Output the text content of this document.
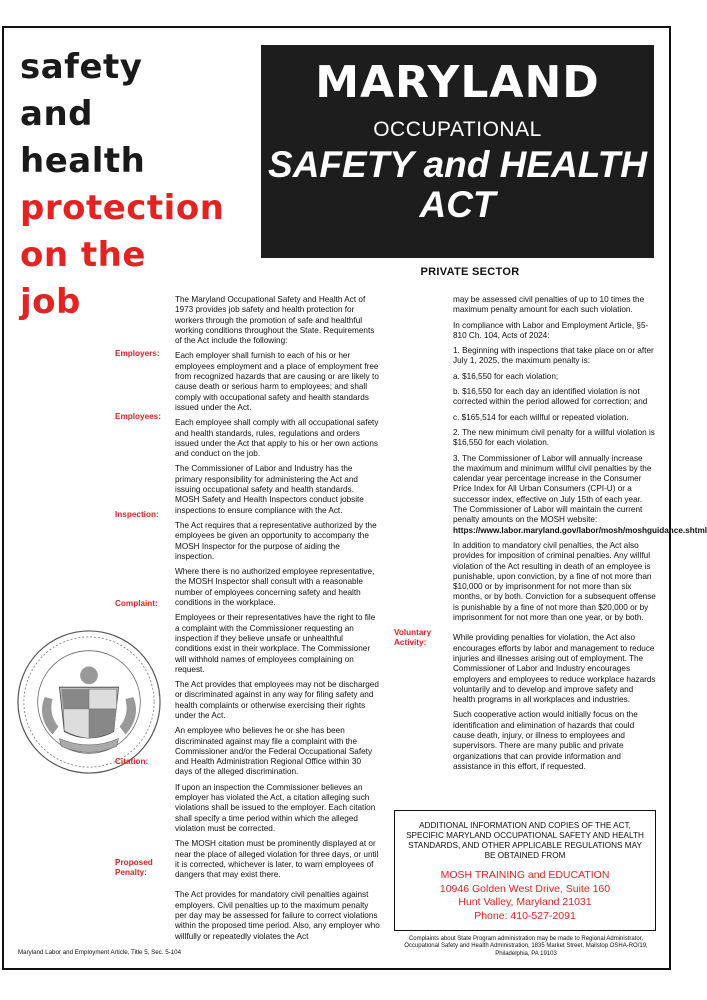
safety
and
health
protection
on the
job
MARYLAND
OCCUPATIONAL
SAFETY and HEALTH
ACT
PRIVATE SECTOR
Employers:
Employees:
Inspection:
Complaint:
Citation:
Proposed Penalty:
Voluntary Activity:

The Maryland Occupational Safety and Health Act of 1973 provides job safety and health protection for workers through the promotion of safe and healthful working conditions throughout the State. Requirements of the Act include the following:

Each employer shall furnish to each of his or her employees employment and a place of employment free from recognized hazards that are causing or are likely to cause death or serious harm to employees; and shall comply with occupational safety and health standards issued under the Act.

Each employee shall comply with all occupational safety and health standards, rules, regulations and orders issued under the Act that apply to his or her own actions and conduct on the job.

The Commissioner of Labor and Industry has the primary responsibility for administering the Act and issuing occupational safety and health standards. MOSH Safety and Health Inspectors conduct jobsite inspections to ensure compliance with the Act.

The Act requires that a representative authorized by the employees be given an opportunity to accompany the MOSH Inspector for the purpose of aiding the inspection.

Where there is no authorized employee representative, the MOSH Inspector shall consult with a reasonable number of employees concerning safety and health conditions in the workplace.

Employees or their representatives have the right to file a complaint with the Commissioner requesting an inspection if they believe unsafe or unhealthful conditions exist in their workplace. The Commissioner will withhold names of employees complaining on request.

The Act provides that employees may not be discharged or discriminated against in any way for filing safety and health complaints or otherwise exercising their rights under the Act.

An employee who believes he or she has been discriminated against may file a complaint with the Commissioner and/or the Federal Occupational Safety and Health Administration Regional Office within 30 days of the alleged discrimination.

If upon an inspection the Commissioner believes an employer has violated the Act, a citation alleging such violations shall be issued to the employer. Each citation shall specify a time period within which the alleged violation must be corrected.

The MOSH citation must be prominently displayed at or near the place of alleged violation for three days, or until it is corrected, whichever is later, to warn employees of dangers that may exist there.

The Act provides for mandatory civil penalties against employers. Civil penalties up to the maximum penalty per day may be assessed for failure to correct violations within the proposed time period. Also, any employer who willfully or repeatedly violates the Act

may be assessed civil penalties of up to 10 times the maximum penalty amount for each such violation.

In compliance with Labor and Employment Article, §5-810 Ch. 104, Acts of 2024:

1. Beginning with inspections that take place on or after July 1, 2025, the maximum penalty is:

a. $16,550 for each violation;

b. $16,550 for each day an identified violation is not corrected within the period allowed for correction; and

c. $165,514 for each willful or repeated violation.

2. The new minimum civil penalty for a willful violation is $16,550 for each violation.

3. The Commissioner of Labor will annually increase the maximum and minimum willful civil penalties by the calendar year percentage increase in the Consumer Price Index for All Urban Consumers (CPI-U) or a successor index, effective on July 15th of each year. The Commissioner of Labor will maintain the current penalty amounts on the MOSH website: https://www.labor.maryland.gov/labor/mosh/moshguidance.shtml

In addition to mandatory civil penalties, the Act also provides for imposition of criminal penalties. Any willful violation of the Act resulting in death of an employee is punishable, upon conviction, by a fine of not more than $10,000 or by imprisonment for not more than six months, or by both. Conviction for a subsequent offense is punishable by a fine of not more than $20,000 or by imprisonment for not more than one year, or by both.

While providing penalties for violation, the Act also encourages efforts by labor and management to reduce injuries and illnesses arising out of employment. The Commissioner of Labor and Industry encourages employers and employees to reduce workplace hazards voluntarily and to develop and improve safety and health programs in all workplaces and industries.

Such cooperative action would initially focus on the identification and elimination of hazards that could cause death, injury, or illness to employees and supervisors. There are many public and private organizations that can provide information and assistance in this effort, if requested.

ADDITIONAL INFORMATION AND COPIES OF THE ACT, SPECIFIC MARYLAND OCCUPATIONAL SAFETY AND HEALTH STANDARDS, AND OTHER APPLICABLE REGULATIONS MAY BE OBTAINED FROM
MOSH TRAINING and EDUCATION
10946 Golden West Drive, Suite 160
Hunt Valley, Maryland 21031
Phone: 410-527-2091
Maryland Labor and Employment Article, Title 5, Sec. 5-104
Complaints about State Program administration may be made to Regional Administrator, Occupational Safety and Health Administration, 1835 Market Street, Mailstop OSHA-RO/19, Philadelphia, PA 19103
